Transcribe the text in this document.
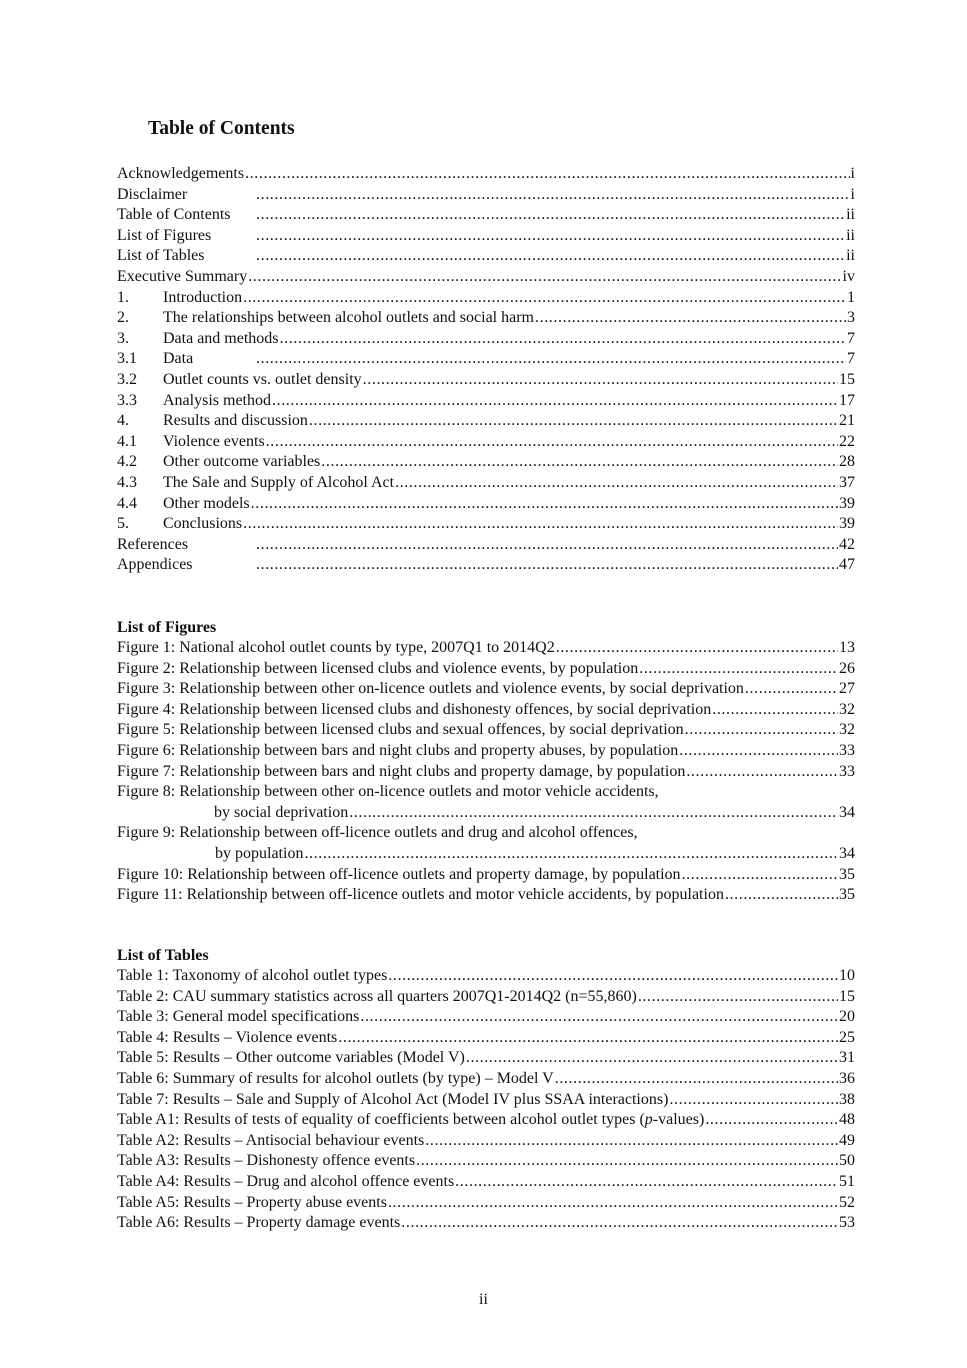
Table of Contents
Acknowledgements .....	i
Disclaimer .....	i
Table of Contents .....	ii
List of Figures .....	ii
List of Tables .....	ii
Executive Summary .....	iv
1.	Introduction .....	1
2.	The relationships between alcohol outlets and social harm .....	3
3.	Data and methods .....	7
3.1	Data .....	7
3.2	Outlet counts vs. outlet density .....	15
3.3	Analysis method .....	17
4.	Results and discussion .....	21
4.1	Violence events .....	22
4.2	Other outcome variables .....	28
4.3	The Sale and Supply of Alcohol Act .....	37
4.4	Other models .....	39
5.	Conclusions .....	39
References .....	42
Appendices .....	47
List of Figures
Figure 1: National alcohol outlet counts by type, 2007Q1 to 2014Q2 .....	13
Figure 2: Relationship between licensed clubs and violence events, by population .....	26
Figure 3: Relationship between other on-licence outlets and violence events, by social deprivation .....	27
Figure 4: Relationship between licensed clubs and dishonesty offences, by social deprivation .....	32
Figure 5: Relationship between licensed clubs and sexual offences, by social deprivation .....	32
Figure 6: Relationship between bars and night clubs and property abuses, by population .....	33
Figure 7: Relationship between bars and night clubs and property damage, by population .....	33
Figure 8: Relationship between other on-licence outlets and motor vehicle accidents,
by social deprivation .....	34
Figure 9: Relationship between off-licence outlets and drug and alcohol offences,
by population .....	34
Figure 10: Relationship between off-licence outlets and property damage, by population .....	35
Figure 11: Relationship between off-licence outlets and motor vehicle accidents, by population .....	35
List of Tables
Table 1: Taxonomy of alcohol outlet types .....	10
Table 2: CAU summary statistics across all quarters 2007Q1-2014Q2 (n=55,860) .....	15
Table 3: General model specifications .....	20
Table 4: Results – Violence events .....	25
Table 5: Results – Other outcome variables (Model V) .....	31
Table 6: Summary of results for alcohol outlets (by type) – Model V .....	36
Table 7: Results – Sale and Supply of Alcohol Act (Model IV plus SSAA interactions) .....	38
Table A1: Results of tests of equality of coefficients between alcohol outlet types (p-values) .....	48
Table A2: Results – Antisocial behaviour events .....	49
Table A3: Results – Dishonesty offence events .....	50
Table A4: Results – Drug and alcohol offence events .....	51
Table A5: Results – Property abuse events .....	52
Table A6: Results – Property damage events .....	53
ii
